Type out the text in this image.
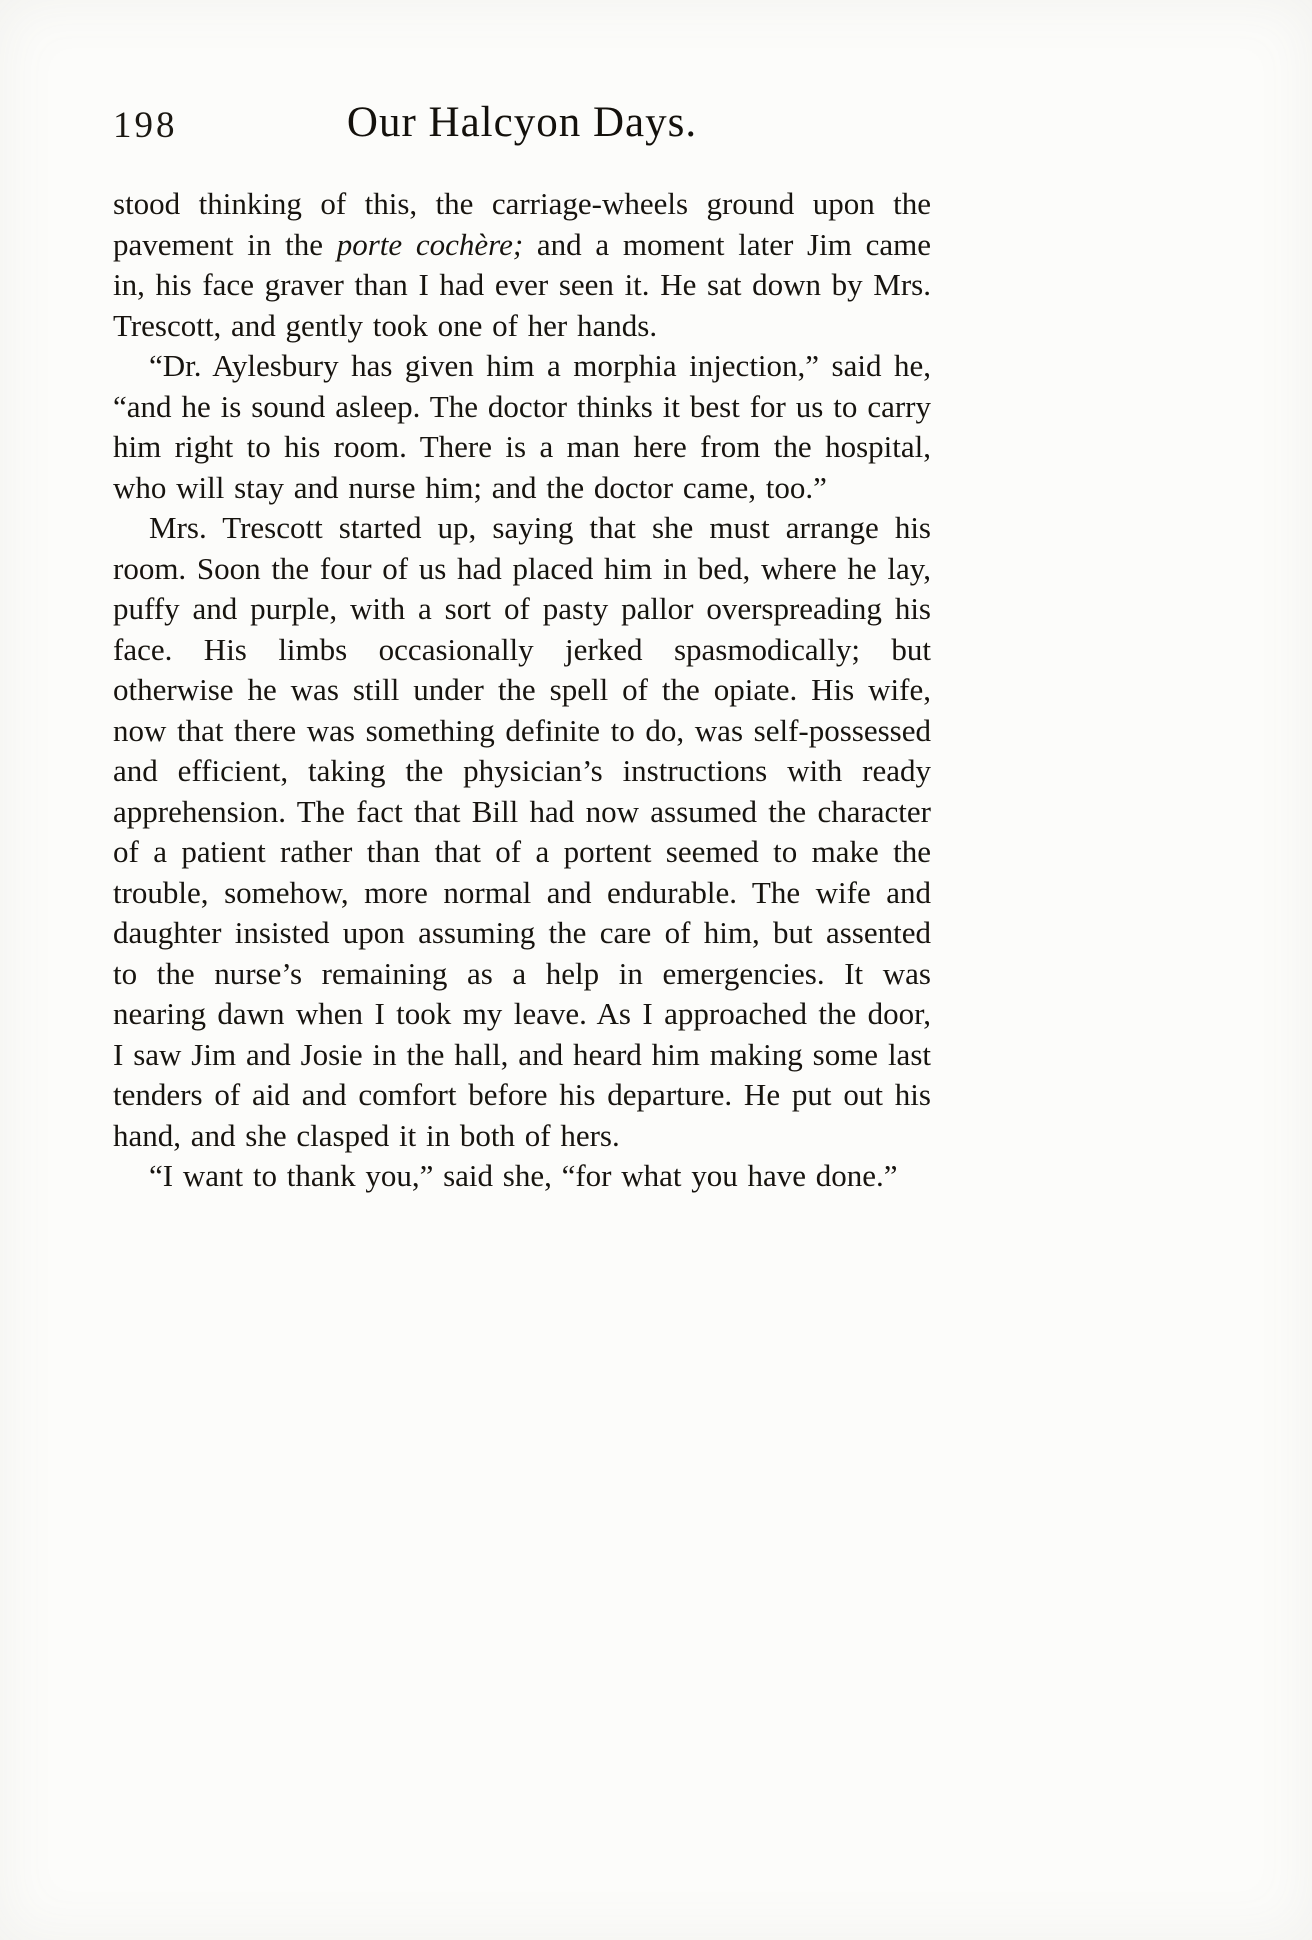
198	Our Halcyon Days.

stood thinking of this, the carriage-wheels ground upon the pavement in the porte cochère; and a moment later Jim came in, his face graver than I had ever seen it. He sat down by Mrs. Trescott, and gently took one of her hands.

“Dr. Aylesbury has given him a morphia injection,” said he, “and he is sound asleep. The doctor thinks it best for us to carry him right to his room. There is a man here from the hospital, who will stay and nurse him; and the doctor came, too.”

Mrs. Trescott started up, saying that she must arrange his room. Soon the four of us had placed him in bed, where he lay, puffy and purple, with a sort of pasty pallor overspreading his face. His limbs occasionally jerked spasmodically; but otherwise he was still under the spell of the opiate. His wife, now that there was something definite to do, was self-possessed and efficient, taking the physician’s instructions with ready apprehension. The fact that Bill had now assumed the character of a patient rather than that of a portent seemed to make the trouble, somehow, more normal and endurable. The wife and daughter insisted upon assuming the care of him, but assented to the nurse’s remaining as a help in emergencies. It was nearing dawn when I took my leave. As I approached the door, I saw Jim and Josie in the hall, and heard him making some last tenders of aid and comfort before his departure. He put out his hand, and she clasped it in both of hers.

“I want to thank you,” said she, “for what you have done.”
